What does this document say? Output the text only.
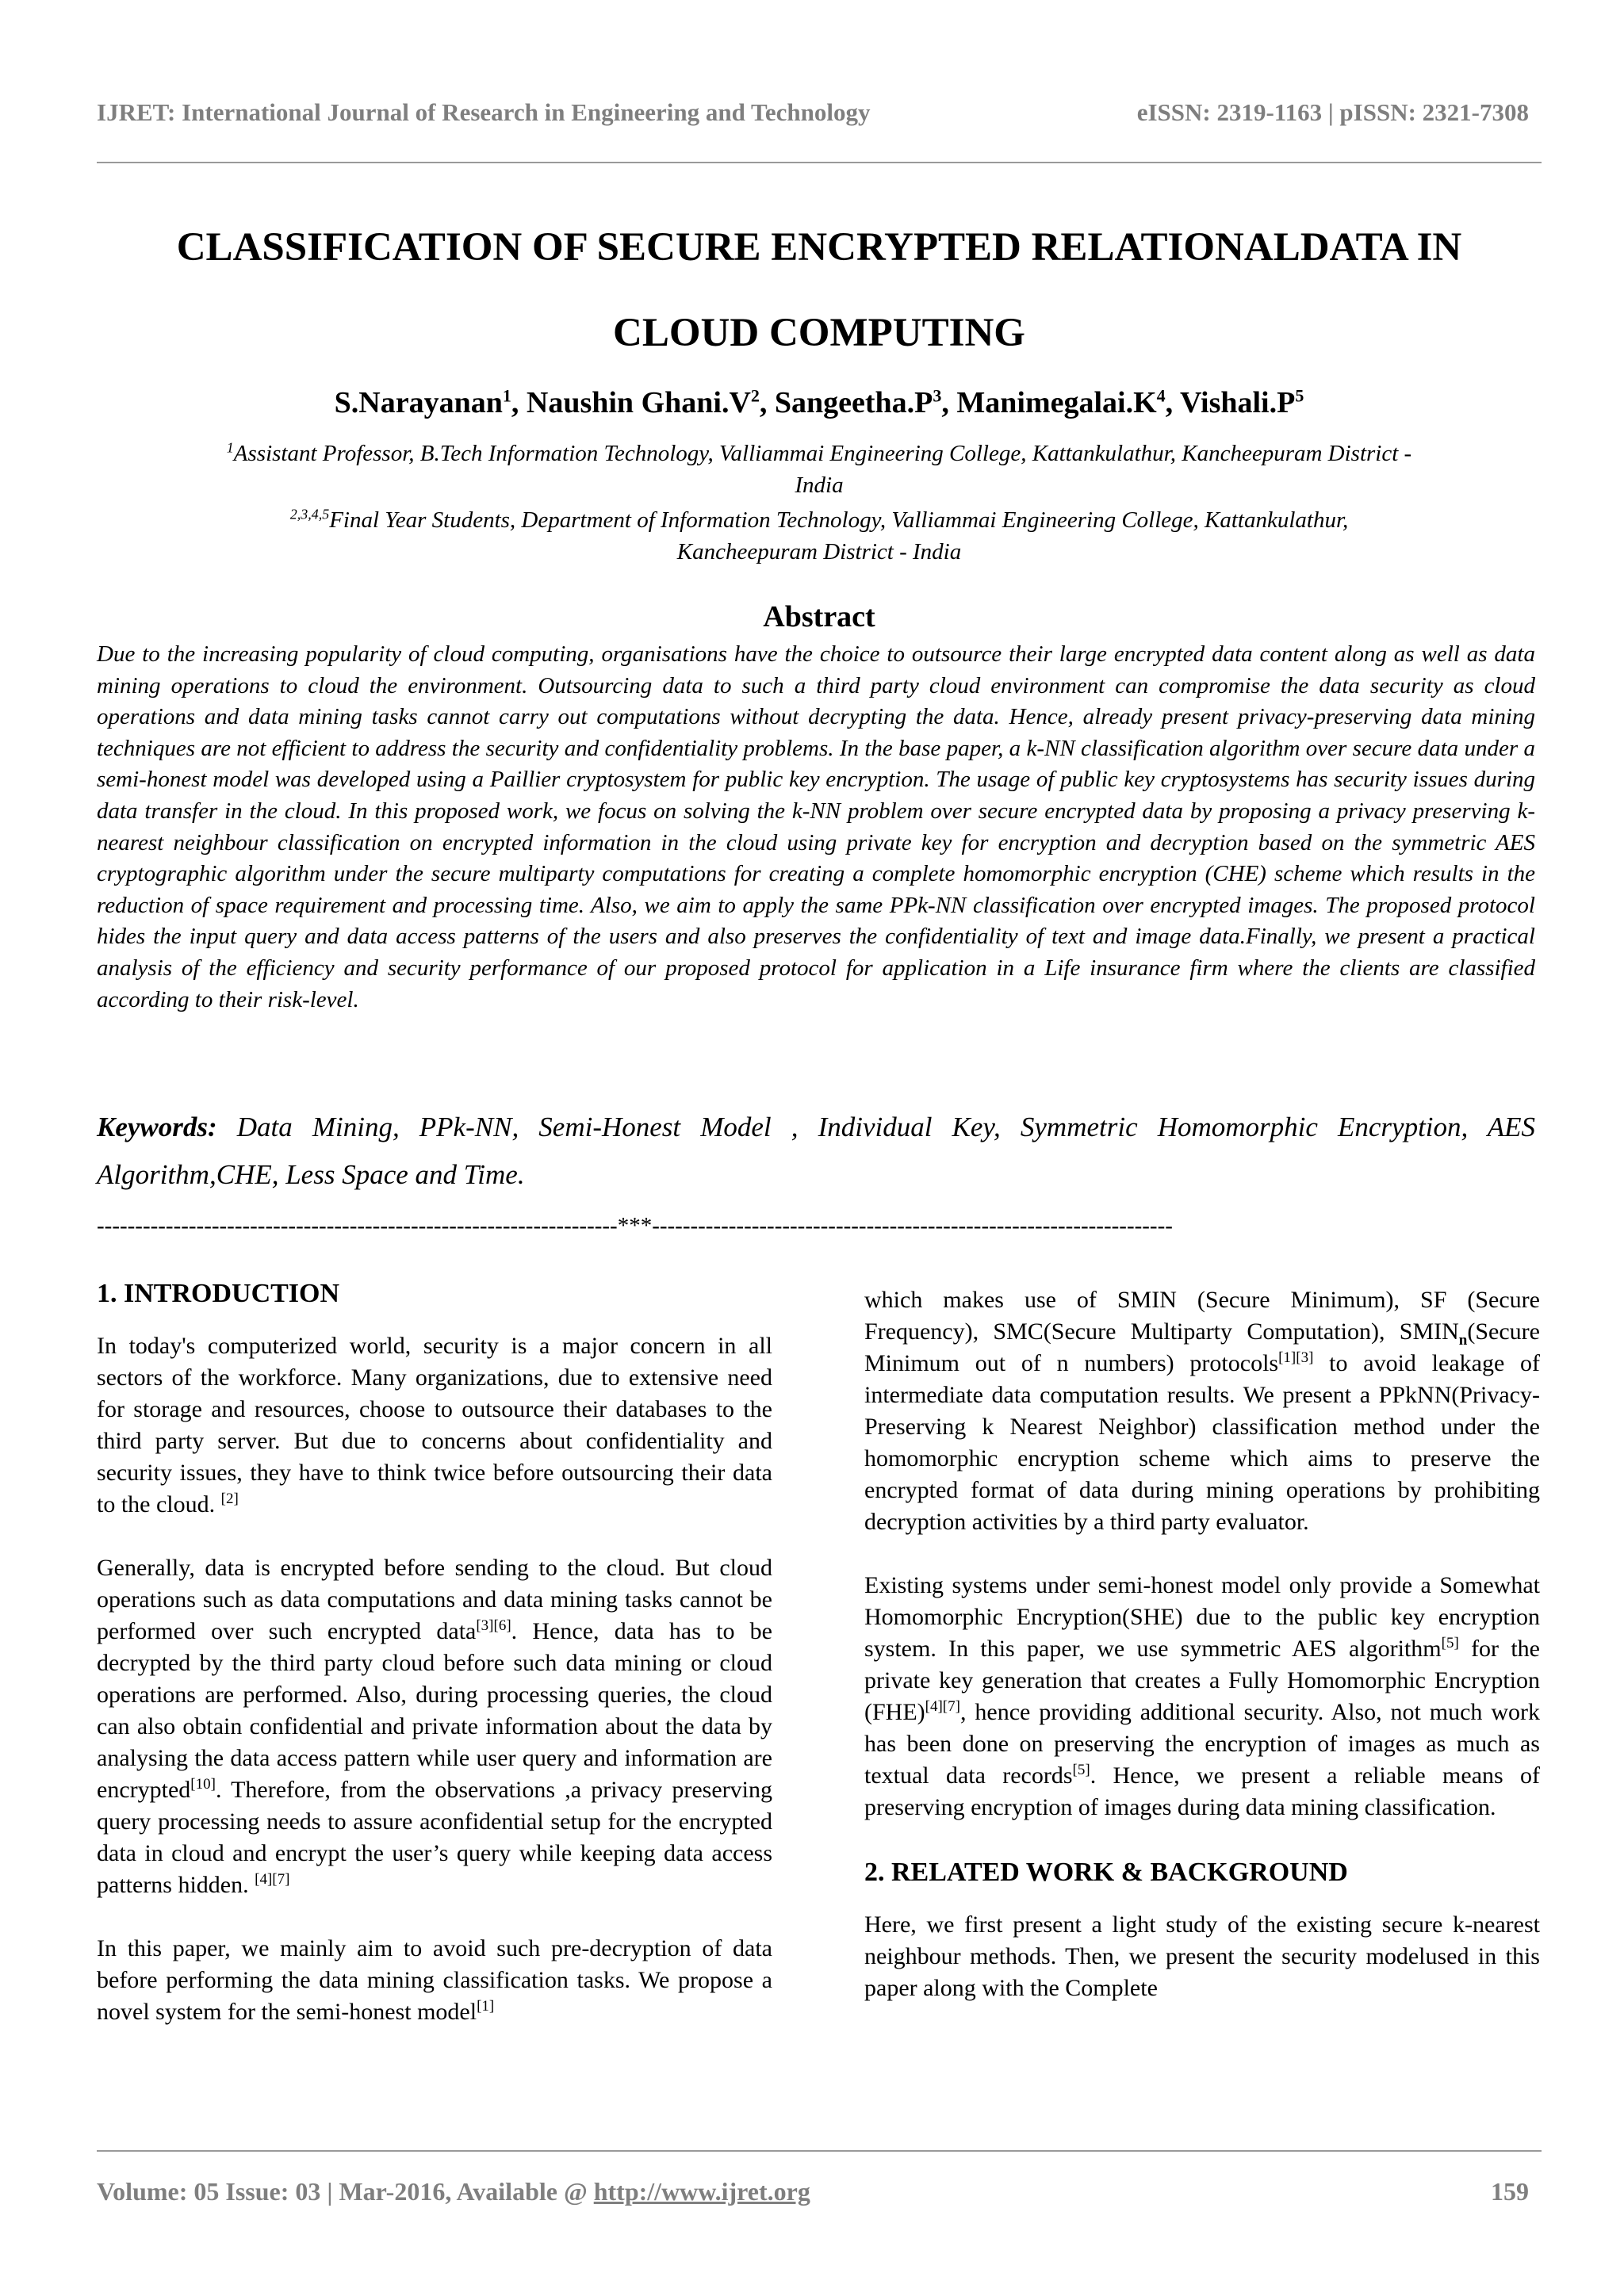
IJRET: International Journal of Research in Engineering and Technology	eISSN: 2319-1163 | pISSN: 2321-7308
CLASSIFICATION OF SECURE ENCRYPTED RELATIONALDATA IN
CLOUD COMPUTING
S.Narayanan$^1$, Naushin $Ghani.V^2$, $Sangeetha.P^3$, $Manimegalai.K^4$, $Vishali.P^5$
$^1$Assistant Professor, B.Tech Information Technology, Valliammai Engineering College, Kattankulathur, Kancheepuram District -
India
$^{2,3,4,5}$Final Year Students, Department of Information Technology, Valliammai Engineering College, Kattankulathur,
Kancheepuram District - India
Abstract
Due to the increasing popularity of cloud computing, organisations have the choice to outsource their large encrypted data content along as well as data mining operations to cloud the environment. Outsourcing data to such a third party cloud environment can compromise the data security as cloud operations and data mining tasks cannot carry out computations without decrypting the data. Hence, already present privacy-preserving data mining techniques are not efficient to address the security and confidentiality problems. In the base paper, a k-NN classification algorithm over secure data under a semi-honest model was developed using a Paillier cryptosystem for public key encryption. The usage of public key cryptosystems has security issues during data transfer in the cloud. In this proposed work, we focus on solving the k-NN problem over secure encrypted data by proposing a privacy preserving k-nearest neighbour classification on encrypted information in the cloud using private key for encryption and decryption based on the symmetric AES cryptographic algorithm under the secure multiparty computations for creating a complete homomorphic encryption (CHE) scheme which results in the reduction of space requirement and processing time. Also, we aim to apply the same PPk-NN classification over encrypted images. The proposed protocol hides the input query and data access patterns of the users and also preserves the confidentiality of text and image data.Finally, we present a practical analysis of the efficiency and security performance of our proposed protocol for application in a Life insurance firm where the clients are classified according to their risk-level.
Keywords: Data Mining, PPk-NN, Semi-Honest Model , Individual Key, Symmetric Homomorphic Encryption, AES Algorithm,CHE, Less Space and Time.
--------------------------------------------------------------------***--------------------------------------------------------------------
1. INTRODUCTION

In today's computerized world, security is a major concern in all sectors of the workforce. Many organizations, due to extensive need for storage and resources, choose to outsource their databases to the third party server. But due to concerns about confidentiality and security issues, they have to think twice before outsourcing their data to the cloud. [2]

Generally, data is encrypted before sending to the cloud. But cloud operations such as data computations and data mining tasks cannot be performed over such encrypted data[3][6]. Hence, data has to be decrypted by the third party cloud before such data mining or cloud operations are performed. Also, during processing queries, the cloud can also obtain confidential and private information about the data by analysing the data access pattern while user query and information are encrypted[10]. Therefore, from the observations ,a privacy preserving query processing needs to assure aconfidential setup for the encrypted data in cloud and encrypt the user’s query while keeping data access patterns hidden. [4][7]

In this paper, we mainly aim to avoid such pre-decryption of data before performing the data mining classification tasks. We propose a novel system for the semi-honest model[1]

which makes use of SMIN (Secure Minimum), SF (Secure Frequency), SMC(Secure Multiparty Computation), $SMIN_n(Secure$ Minimum out of n numbers) protocols[1][3] to avoid leakage of intermediate data computation results. We present a PPkNN(Privacy-Preserving k Nearest Neighbor) classification method under the homomorphic encryption scheme which aims to preserve the encrypted format of data during mining operations by prohibiting decryption activities by a third party evaluator.

Existing systems under semi-honest model only provide a Somewhat Homomorphic Encryption(SHE) due to the public key encryption system. In this paper, we use symmetric AES algorithm[5] for the private key generation that creates a Fully Homomorphic Encryption (FHE)[4][7], hence providing additional security. Also, not much work has been done on preserving the encryption of images as much as textual data records[5]. Hence, we present a reliable means of preserving encryption of images during data mining classification.

2. RELATED WORK & BACKGROUND

Here, we first present a light study of the existing secure k-nearest neighbour methods. Then, we present the security modelused in this paper along with the Complete

Volume: 05 Issue: 03 | Mar-2016, Available @ http://www.ijret.org	159
